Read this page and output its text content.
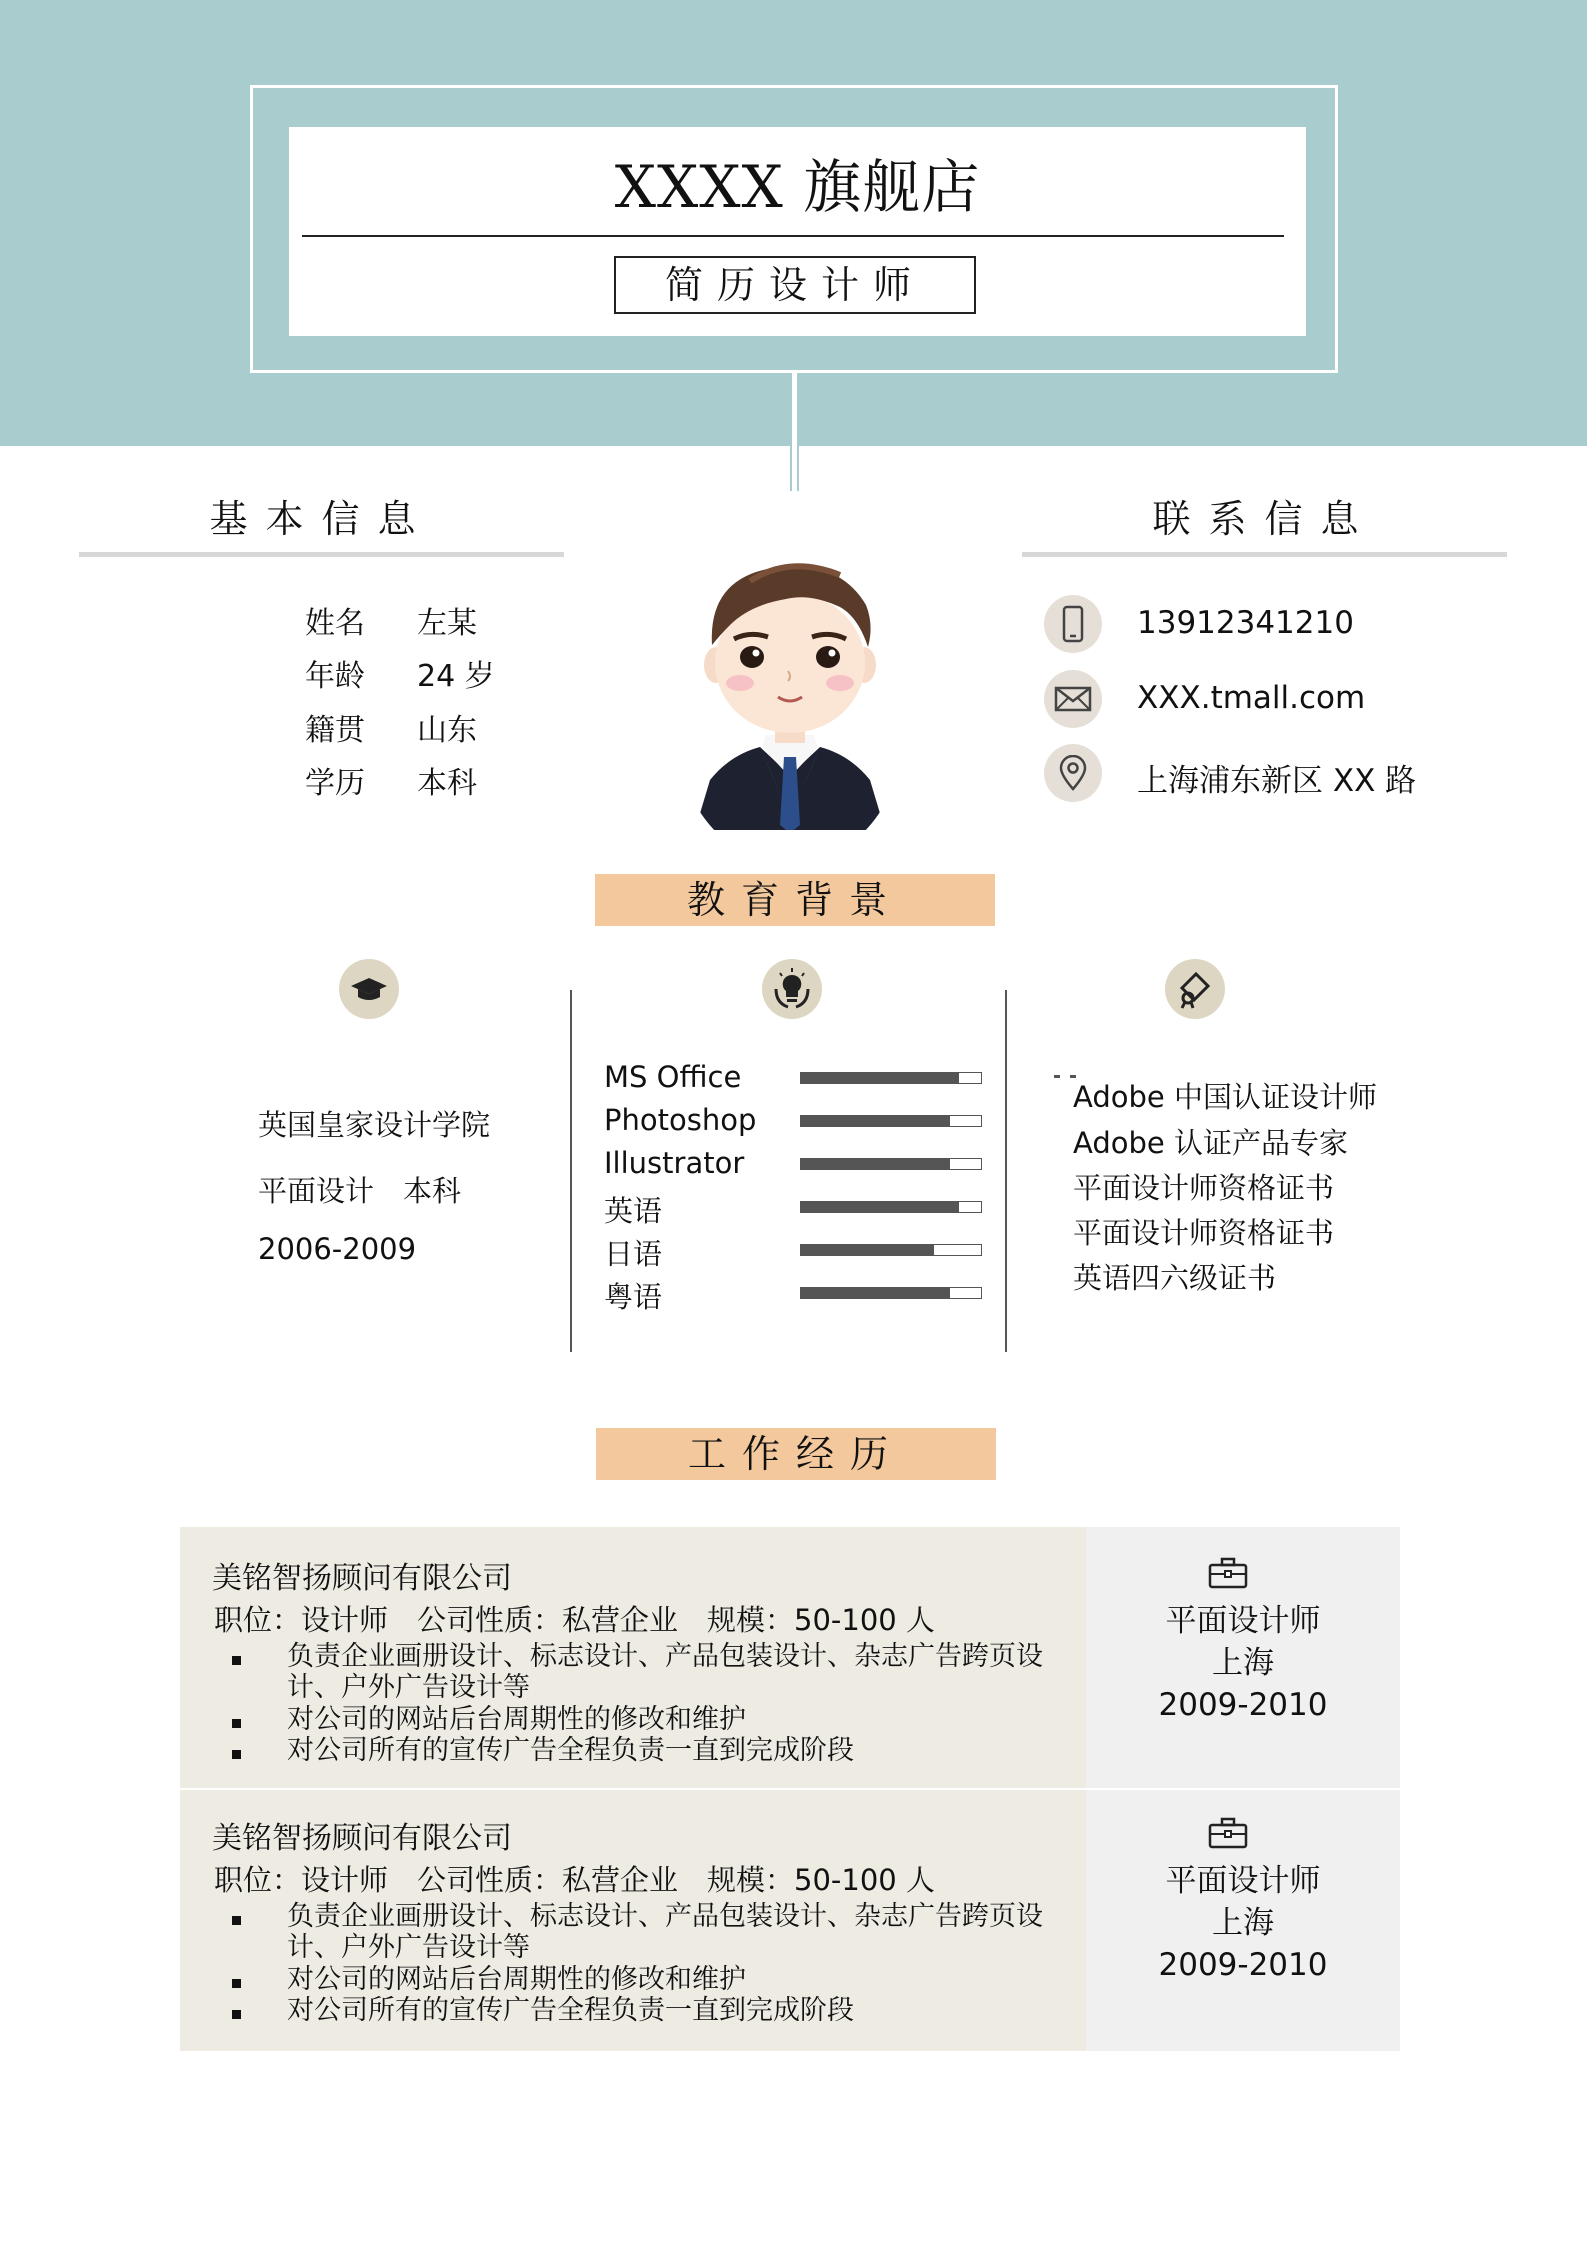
XXXX 旗舰店
简历设计师
基本信息
姓名 左某
年龄 24 岁
籍贯 山东
学历 本科
联系信息
13912341210
XXX.tmall.com
上海浦东新区 XX 路
教育背景
英国皇家设计学院
平面设计　本科
2006-2009
MS Office
Photoshop
Illustrator
英语
日语
粤语
Adobe 中国认证设计师
Adobe 认证产品专家
平面设计师资格证书
平面设计师资格证书
英语四六级证书
工作经历
美铭智扬顾问有限公司
职位：设计师　公司性质：私营企业　规模：50-100 人
负责企业画册设计、标志设计、产品包装设计、杂志广告跨页设计、户外广告设计等
对公司的网站后台周期性的修改和维护
对公司所有的宣传广告全程负责一直到完成阶段
平面设计师
上海
2009-2010
美铭智扬顾问有限公司
职位：设计师　公司性质：私营企业　规模：50-100 人
负责企业画册设计、标志设计、产品包装设计、杂志广告跨页设计、户外广告设计等
对公司的网站后台周期性的修改和维护
对公司所有的宣传广告全程负责一直到完成阶段
平面设计师
上海
2009-2010
